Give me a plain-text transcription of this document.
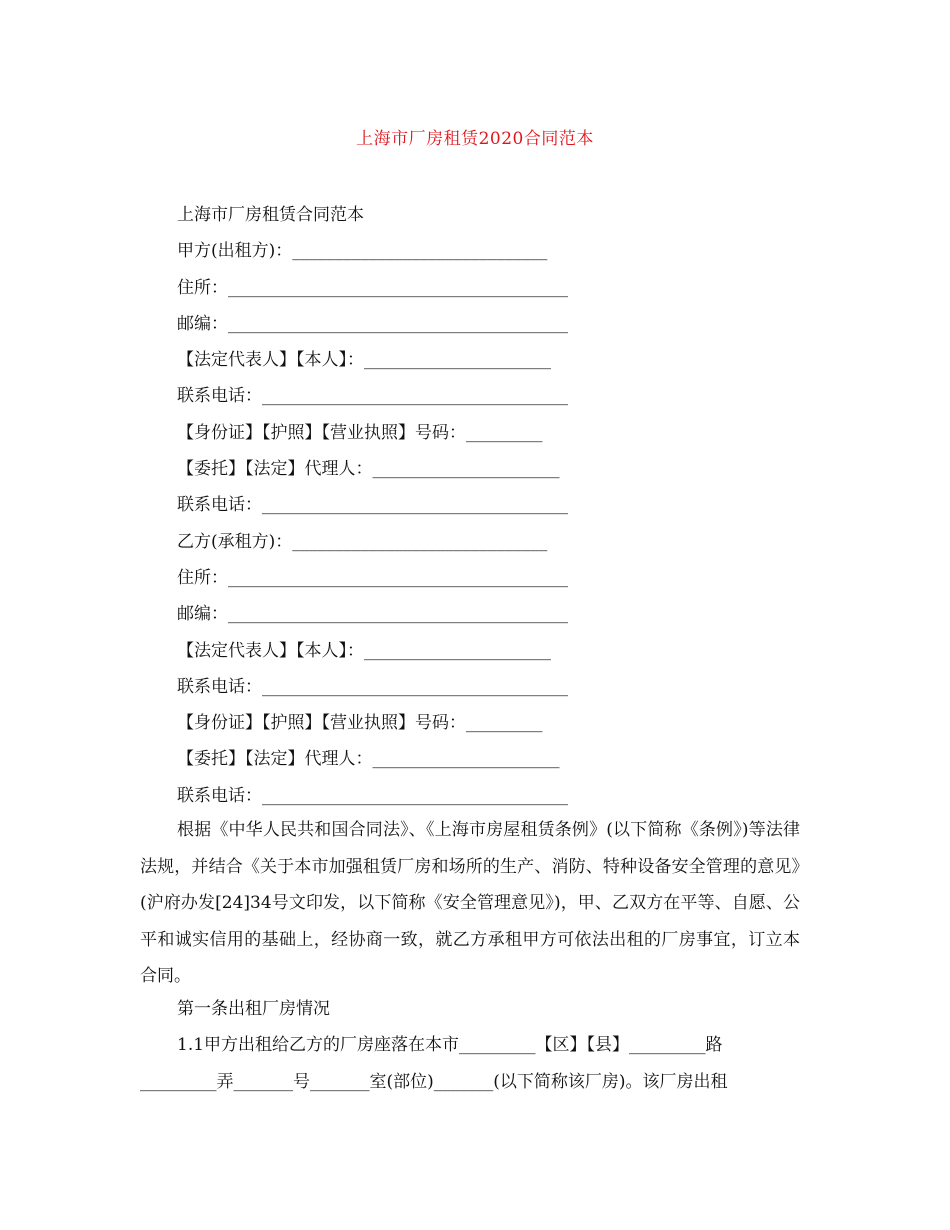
上海市厂房租赁2020合同范本
上海市厂房租赁合同范本
甲方(出租方)：______________________________
住所：________________________________________
邮编：________________________________________
【法定代表人】【本人】：______________________
联系电话：____________________________________
【身份证】【护照】【营业执照】号码：_________
【委托】【法定】代理人：______________________
联系电话：____________________________________
乙方(承租方)：______________________________
住所：________________________________________
邮编：________________________________________
【法定代表人】【本人】：______________________
联系电话：____________________________________
【身份证】【护照】【营业执照】号码：_________
【委托】【法定】代理人：______________________
联系电话：____________________________________
根据《中华人民共和国合同法》、《上海市房屋租赁条例》(以下简称《条例》)等法律法规，并结合《关于本市加强租赁厂房和场所的生产、消防、特种设备安全管理的意见》(沪府办发[24]34号文印发，以下简称《安全管理意见》)，甲、乙双方在平等、自愿、公平和诚实信用的基础上，经协商一致，就乙方承租甲方可依法出租的厂房事宜，订立本合同。
第一条出租厂房情况
1.1甲方出租给乙方的厂房座落在本市_________【区】【县】_________路
_________弄_______号_______室(部位)_______(以下简称该厂房)。该厂房出租
